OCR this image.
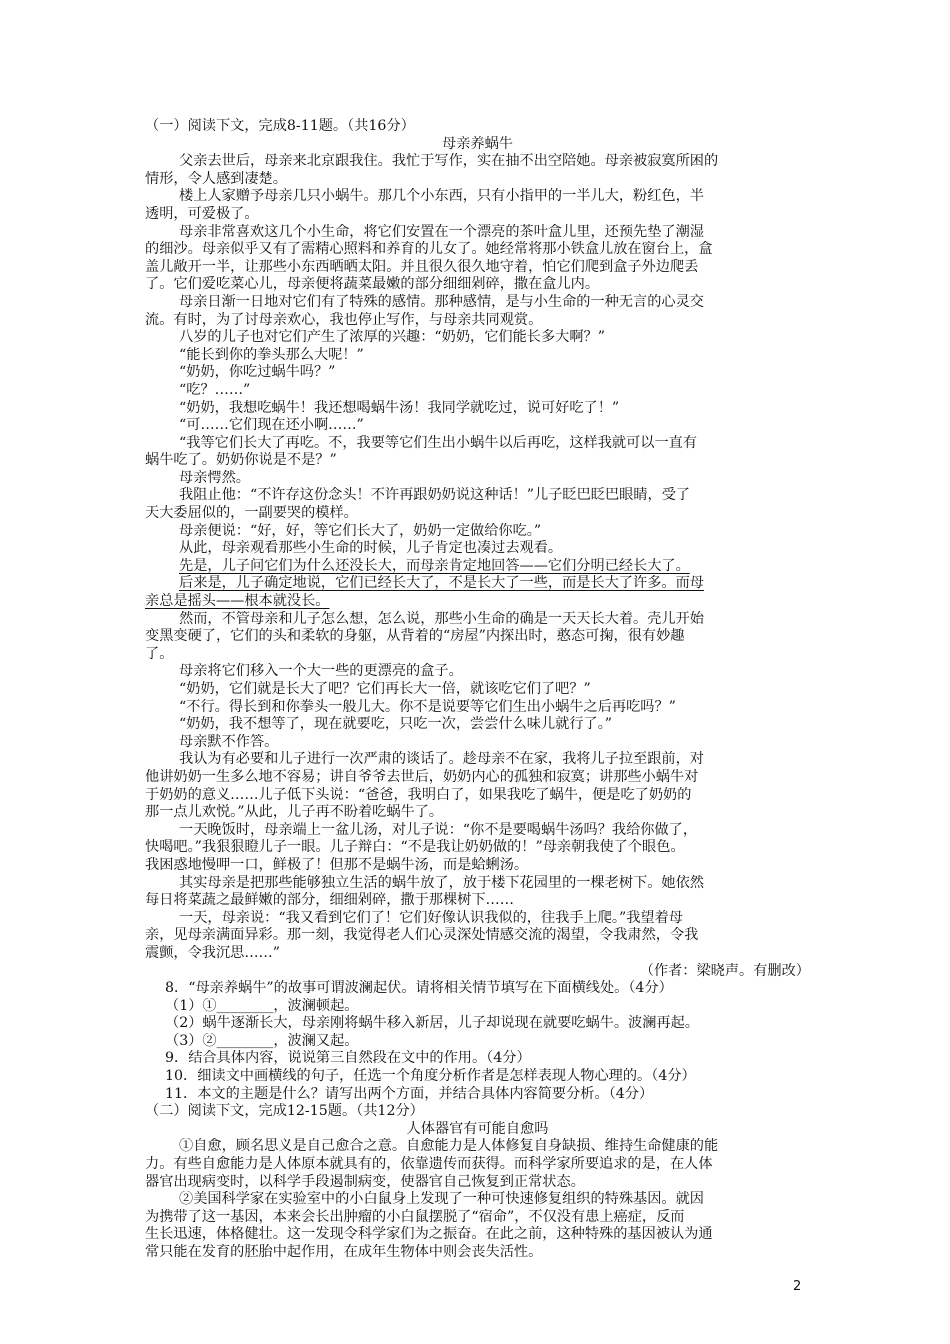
（一）阅读下文，完成8-11题。（共16分）
母亲养蜗牛
父亲去世后，母亲来北京跟我住。我忙于写作，实在抽不出空陪她。母亲被寂寞所困的
情形，令人感到凄楚。
楼上人家赠予母亲几只小蜗牛。那几个小东西，只有小指甲的一半儿大，粉红色，半
透明，可爱极了。
母亲非常喜欢这几个小生命，将它们安置在一个漂亮的茶叶盒儿里，还预先垫了潮湿
的细沙。母亲似乎又有了需精心照料和养育的儿女了。她经常将那小铁盒儿放在窗台上，盒
盖儿敞开一半，让那些小东西晒晒太阳。并且很久很久地守着，怕它们爬到盒子外边爬丢
了。它们爱吃菜心儿，母亲便将蔬菜最嫩的部分细细剁碎，撒在盒儿内。
母亲日渐一日地对它们有了特殊的感情。那种感情，是与小生命的一种无言的心灵交
流。有时，为了讨母亲欢心，我也停止写作，与母亲共同观赏。
八岁的儿子也对它们产生了浓厚的兴趣：“奶奶，它们能长多大啊？”
“能长到你的拳头那么大呢！”
“奶奶，你吃过蜗牛吗？”
“吃？……”
“奶奶，我想吃蜗牛！我还想喝蜗牛汤！我同学就吃过，说可好吃了！”
“可……它们现在还小啊……”
“我等它们长大了再吃。不，我要等它们生出小蜗牛以后再吃，这样我就可以一直有
蜗牛吃了。奶奶你说是不是？”
母亲愕然。
我阻止他：“不许存这份念头！不许再跟奶奶说这种话！”儿子眨巴眨巴眼睛，受了
天大委屈似的，一副要哭的模样。
母亲便说：“好，好，等它们长大了，奶奶一定做给你吃。”
从此，母亲观看那些小生命的时候，儿子肯定也凑过去观看。
先是，儿子问它们为什么还没长大，而母亲肯定地回答——它们分明已经长大了。
后来是，儿子确定地说，它们已经长大了，不是长大了一些，而是长大了许多。而母
亲总是摇头——根本就没长。
然而，不管母亲和儿子怎么想，怎么说，那些小生命的确是一天天长大着。壳儿开始
变黑变硬了，它们的头和柔软的身躯，从背着的“房屋”内探出时，憨态可掬，很有妙趣
了。
母亲将它们移入一个大一些的更漂亮的盒子。
“奶奶，它们就是长大了吧？它们再长大一倍，就该吃它们了吧？”
“不行。得长到和你拳头一般儿大。你不是说要等它们生出小蜗牛之后再吃吗？”
“奶奶，我不想等了，现在就要吃，只吃一次，尝尝什么味儿就行了。”
母亲默不作答。
我认为有必要和儿子进行一次严肃的谈话了。趁母亲不在家，我将儿子拉至跟前，对
他讲奶奶一生多么地不容易；讲自爷爷去世后，奶奶内心的孤独和寂寞；讲那些小蜗牛对
于奶奶的意义……儿子低下头说：“爸爸，我明白了，如果我吃了蜗牛，便是吃了奶奶的
那一点儿欢悦。”从此，儿子再不盼着吃蜗牛了。
一天晚饭时，母亲端上一盆儿汤，对儿子说：“你不是要喝蜗牛汤吗？我给你做了，
快喝吧。”我狠狠瞪儿子一眼。儿子辩白：“不是我让奶奶做的！”母亲朝我使了个眼色。
我困惑地慢呷一口，鲜极了！但那不是蜗牛汤，而是蛤蜊汤。
其实母亲是把那些能够独立生活的蜗牛放了，放于楼下花园里的一棵老树下。她依然
每日将菜蔬之最鲜嫩的部分，细细剁碎，撒于那棵树下……
一天，母亲说：“我又看到它们了！它们好像认识我似的，往我手上爬。”我望着母
亲，见母亲满面异彩。那一刻，我觉得老人们心灵深处情感交流的渴望，令我肃然，令我
震颤，令我沉思……”
（作者：梁晓声。有删改）
8．“母亲养蜗牛”的故事可谓波澜起伏。请将相关情节填写在下面横线处。（4分）
（1）①________，波澜顿起。
（2）蜗牛逐渐长大，母亲刚将蜗牛移入新居，儿子却说现在就要吃蜗牛。波澜再起。
（3）②________，波澜又起。
9．结合具体内容，说说第三自然段在文中的作用。（4分）
10．细读文中画横线的句子，任选一个角度分析作者是怎样表现人物心理的。（4分）
11．本文的主题是什么？请写出两个方面，并结合具体内容简要分析。（4分）
（二）阅读下文，完成12-15题。（共12分）
人体器官有可能自愈吗
①自愈，顾名思义是自己愈合之意。自愈能力是人体修复自身缺损、维持生命健康的能
力。有些自愈能力是人体原本就具有的，依靠遗传而获得。而科学家所要追求的是，在人体
器官出现病变时，以科学手段遏制病变，使器官自己恢复到正常状态。
②美国科学家在实验室中的小白鼠身上发现了一种可快速修复组织的特殊基因。就因
为携带了这一基因，本来会长出肿瘤的小白鼠摆脱了“宿命”，不仅没有患上癌症，反而
生长迅速，体格健壮。这一发现令科学家们为之振奋。在此之前，这种特殊的基因被认为通
常只能在发育的胚胎中起作用，在成年生物体中则会丧失活性。
2
